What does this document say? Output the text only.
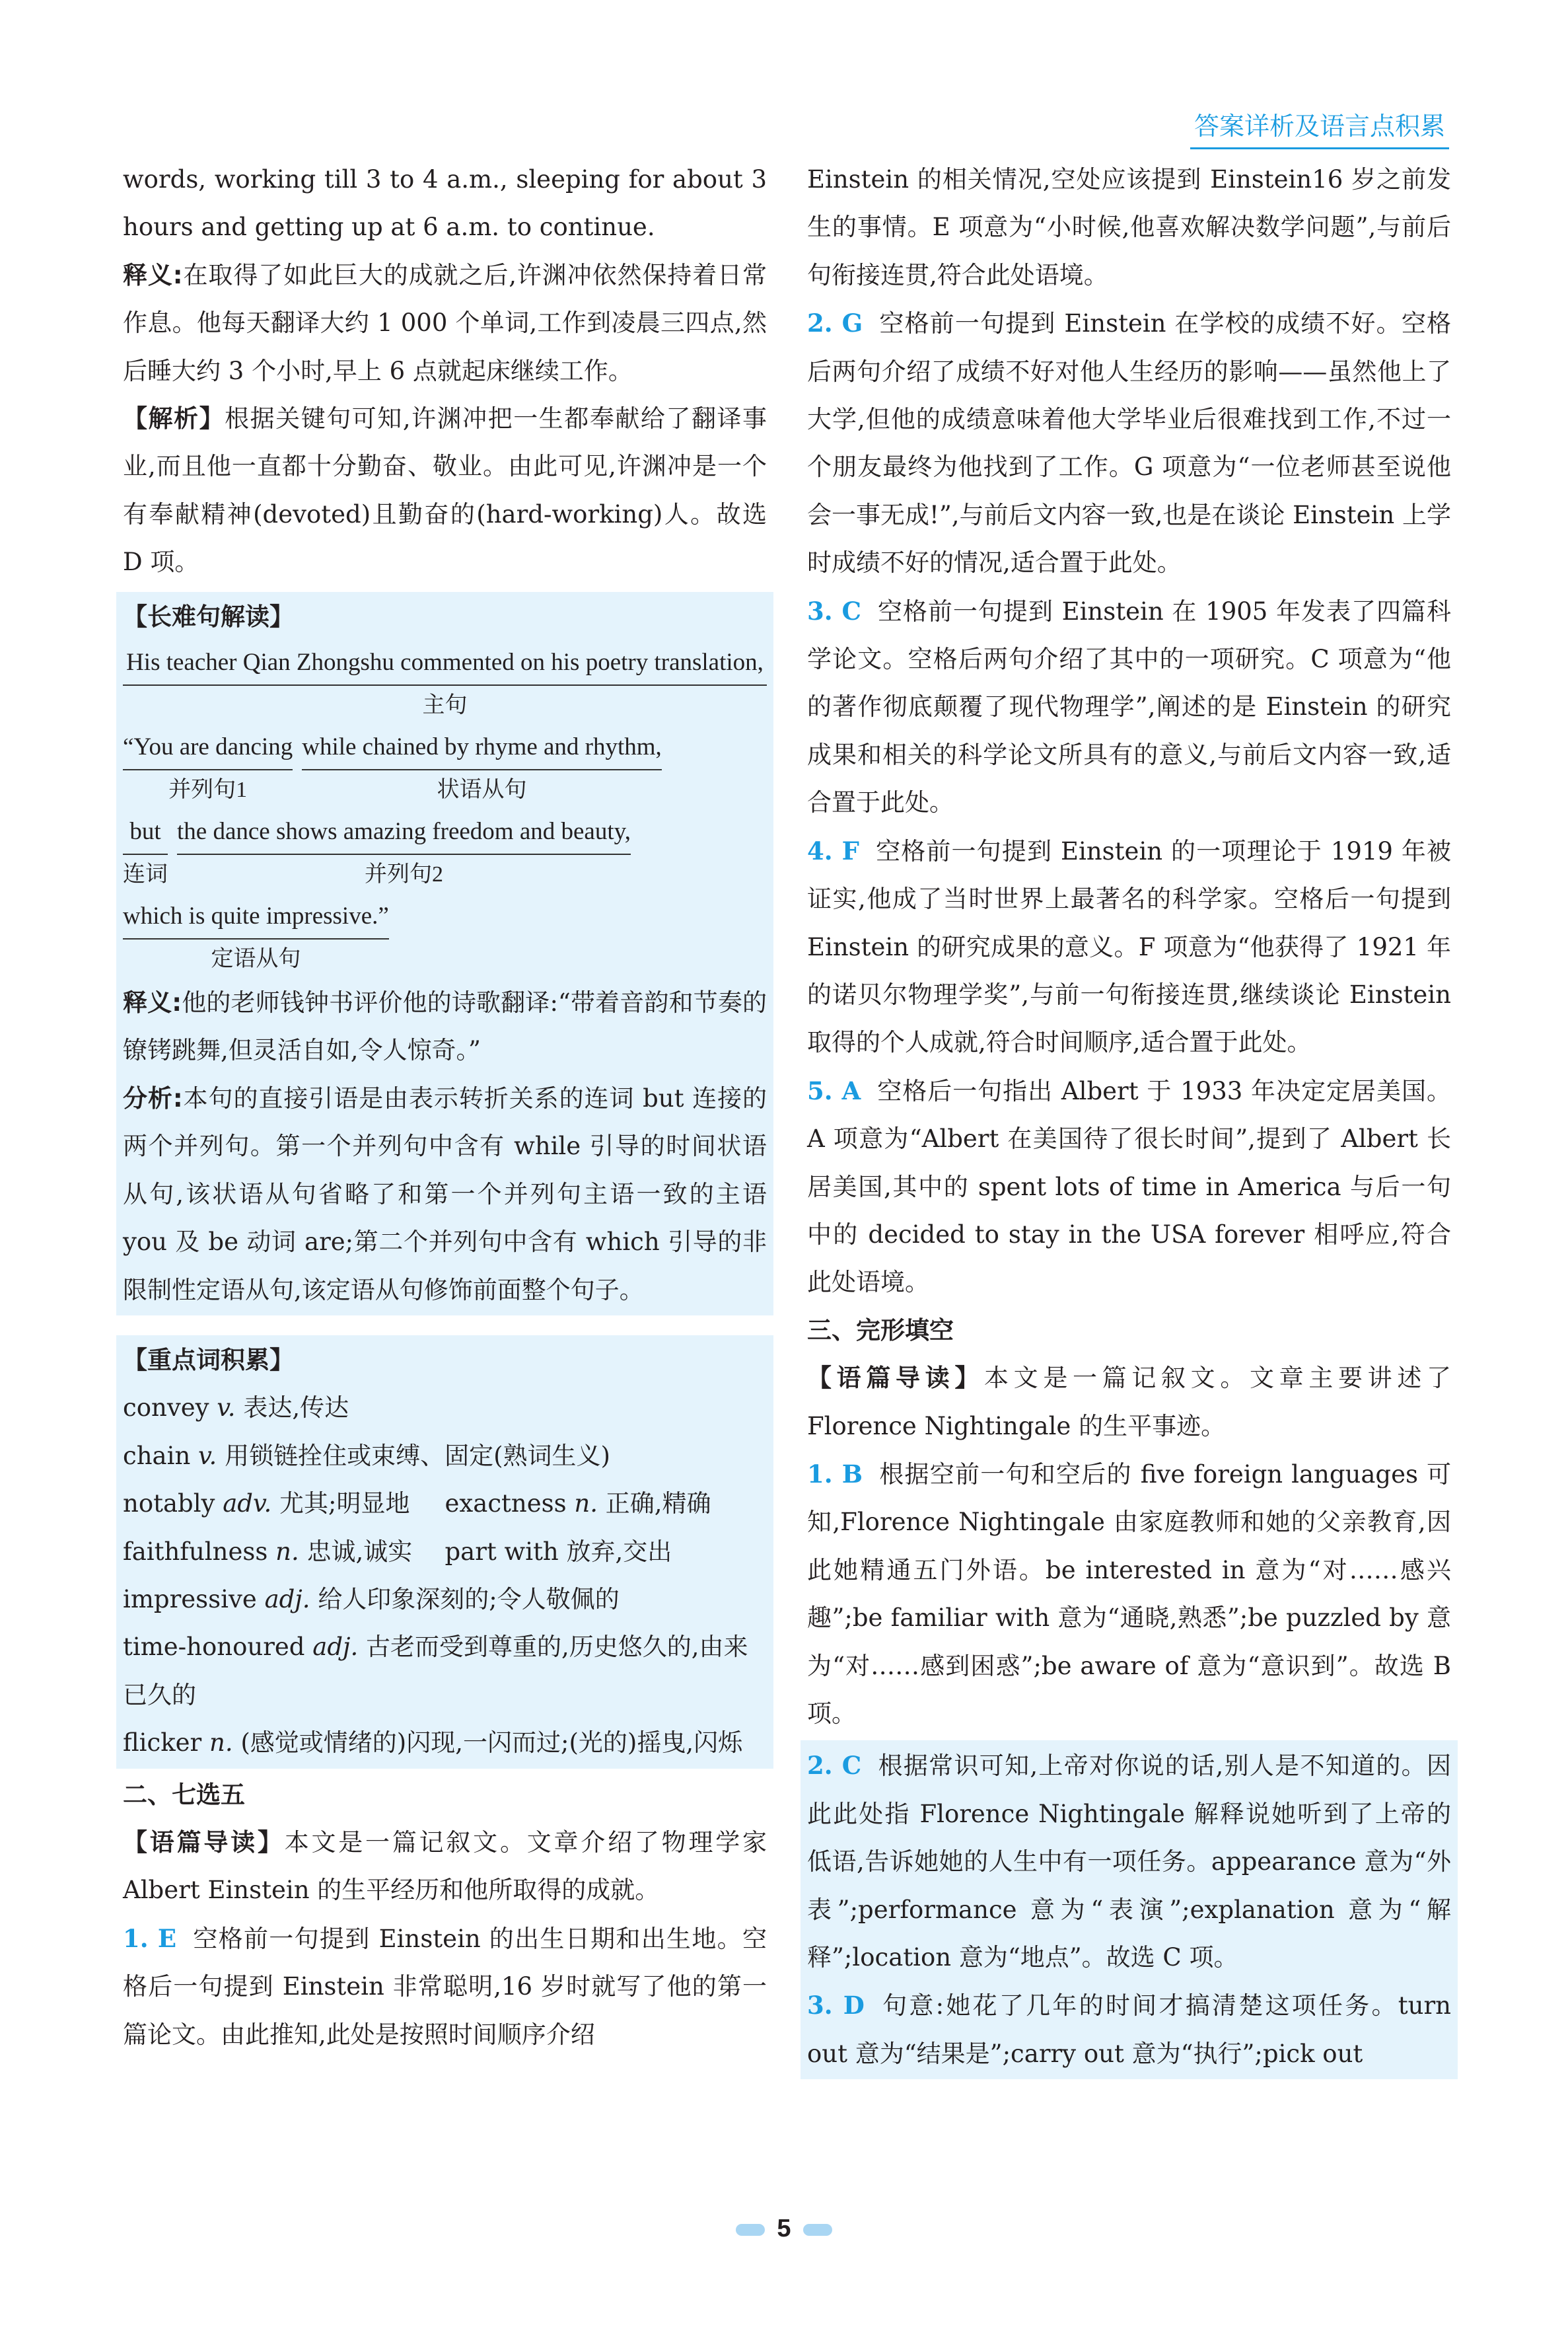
答案详析及语言点积累

words, working till 3 to 4 a.m., sleeping for about 3 hours and getting up at 6 a.m. to continue.

释义:在取得了如此巨大的成就之后,许渊冲依然保持着日常作息。他每天翻译大约 1 000 个单词,工作到凌晨三四点,然后睡大约 3 个小时,早上 6 点就起床继续工作。

【解析】根据关键句可知,许渊冲把一生都奉献给了翻译事业,而且他一直都十分勤奋、敬业。由此可见,许渊冲是一个有奉献精神(devoted)且勤奋的(hard-working)人。故选 D 项。

【长难句解读】
His teacher Qian Zhongshu commented on his poetry translation,
主句
“You are dancing
并列句1
while chained by rhyme and rhythm,
状语从句
but
连词
the dance shows amazing freedom and beauty,
并列句2
which is quite impressive.”
定语从句

释义:他的老师钱钟书评价他的诗歌翻译:“带着音韵和节奏的镣铐跳舞,但灵活自如,令人惊奇。”

分析:本句的直接引语是由表示转折关系的连词 but 连接的两个并列句。第一个并列句中含有 while 引导的时间状语从句,该状语从句省略了和第一个并列句主语一致的主语 you 及 be 动词 are;第二个并列句中含有 which 引导的非限制性定语从句,该定语从句修饰前面整个句子。

【重点词积累】
convey v. 表达,传达
chain v. 用锁链拴住或束缚、固定(熟词生义)
notably adv. 尤其;明显地	exactness n. 正确,精确
faithfulness n. 忠诚,诚实	part with 放弃,交出
impressive adj. 给人印象深刻的;令人敬佩的
time-honoured adj. 古老而受到尊重的,历史悠久的,由来已久的
flicker n. (感觉或情绪的)闪现,一闪而过;(光的)摇曳,闪烁
二、七选五

【语篇导读】本文是一篇记叙文。文章介绍了物理学家 Albert Einstein 的生平经历和他所取得的成就。

1. E 空格前一句提到 Einstein 的出生日期和出生地。空格后一句提到 Einstein 非常聪明,16 岁时就写了他的第一篇论文。由此推知,此处是按照时间顺序介绍

Einstein 的相关情况,空处应该提到 Einstein16 岁之前发生的事情。E 项意为“小时候,他喜欢解决数学问题”,与前后句衔接连贯,符合此处语境。

2. G 空格前一句提到 Einstein 在学校的成绩不好。空格后两句介绍了成绩不好对他人生经历的影响——虽然他上了大学,但他的成绩意味着他大学毕业后很难找到工作,不过一个朋友最终为他找到了工作。G 项意为“一位老师甚至说他会一事无成!”,与前后文内容一致,也是在谈论 Einstein 上学时成绩不好的情况,适合置于此处。

3. C 空格前一句提到 Einstein 在 1905 年发表了四篇科学论文。空格后两句介绍了其中的一项研究。C 项意为“他的著作彻底颠覆了现代物理学”,阐述的是 Einstein 的研究成果和相关的科学论文所具有的意义,与前后文内容一致,适合置于此处。

4. F 空格前一句提到 Einstein 的一项理论于 1919 年被证实,他成了当时世界上最著名的科学家。空格后一句提到 Einstein 的研究成果的意义。F 项意为“他获得了 1921 年的诺贝尔物理学奖”,与前一句衔接连贯,继续谈论 Einstein 取得的个人成就,符合时间顺序,适合置于此处。

5. A 空格后一句指出 Albert 于 1933 年决定定居美国。A 项意为“Albert 在美国待了很长时间”,提到了 Albert 长居美国,其中的 spent lots of time in America 与后一句中的 decided to stay in the USA forever 相呼应,符合此处语境。

三、完形填空

【语篇导读】本文是一篇记叙文。文章主要讲述了 Florence Nightingale 的生平事迹。

1. B 根据空前一句和空后的 five foreign languages 可知,Florence Nightingale 由家庭教师和她的父亲教育,因此她精通五门外语。be interested in 意为“对……感兴趣”;be familiar with 意为“通晓,熟悉”;be puzzled by 意为“对……感到困惑”;be aware of 意为“意识到”。故选 B 项。

2. C 根据常识可知,上帝对你说的话,别人是不知道的。因此此处指 Florence Nightingale 解释说她听到了上帝的低语,告诉她她的人生中有一项任务。appearance 意为“外表”;performance 意为“表演”;explanation 意为“解释”;location 意为“地点”。故选 C 项。

3. D 句意:她花了几年的时间才搞清楚这项任务。turn out 意为“结果是”;carry out 意为“执行”;pick out

5
